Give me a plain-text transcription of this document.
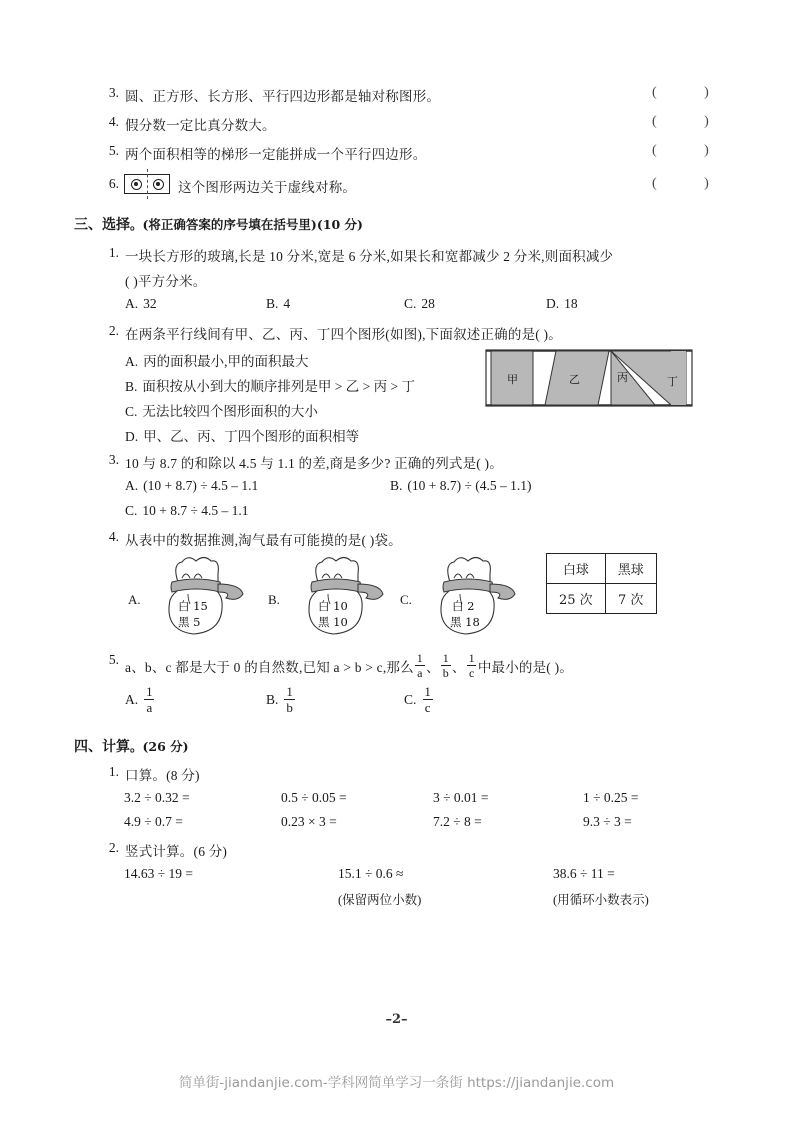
3. 圆、正方形、长方形、平行四边形都是轴对称图形。	( )
4. 假分数一定比真分数大。	( )
5. 两个面积相等的梯形一定能拼成一个平行四边形。	( )
6.	这个图形两边关于虚线对称。	( )
三、选择。(将正确答案的序号填在括号里)(10 分)
1. 一块长方形的玻璃,长是 10 分米,宽是 6 分米,如果长和宽都减少 2 分米,则面积减少
( )平方分米。
A. 32	B. 4	C. 28	D. 18
2. 在两条平行线间有甲、乙、丙、丁四个图形(如图),下面叙述正确的是( )。
A. 丙的面积最小,甲的面积最大
B. 面积按从小到大的顺序排列是甲 > 乙 > 丙 > 丁
C. 无法比较四个图形面积的大小
D. 甲、乙、丙、丁四个图形的面积相等
甲	乙	丙	丁
3. 10 与 8.7 的和除以 4.5 与 1.1 的差,商是多少? 正确的列式是( )。
A. (10 + 8.7) ÷ 4.5 – 1.1	B. (10 + 8.7) ÷ (4.5 – 1.1)
C. 10 + 8.7 ÷ 4.5 – 1.1
4. 从表中的数据推测,淘气最有可能摸的是( )袋。
A.	白 15
黑 5
B.	白 10
黑 10
C.	白 2
黑 18
白球	黑球
25 次	7 次
5. a、b、c 都是大于 0 的自然数,已知 a > b > c,那么 $\frac{1}{a}$ 、 $\frac{1}{b}$ 、 $\frac{1}{c}$ 中最小的是( )。
A. $\frac{1}{a}$	B. $\frac{1}{b}$	C. $\frac{1}{c}$
四、计算。(26 分)
1. 口算。(8 分)
3.2 ÷ 0.32 =	0.5 ÷ 0.05 =	3 ÷ 0.01 =	1 ÷ 0.25 =
4.9 ÷ 0.7 =	0.23 × 3 =	7.2 ÷ 8 =	9.3 ÷ 3 =
2. 竖式计算。(6 分)
14.63 ÷ 19 =	15.1 ÷ 0.6 ≈	38.6 ÷ 11 =
(保留两位小数)	(用循环小数表示)
–2–
简单街-jiandanjie.com-学科网简单学习一条街 https://jiandanjie.com
